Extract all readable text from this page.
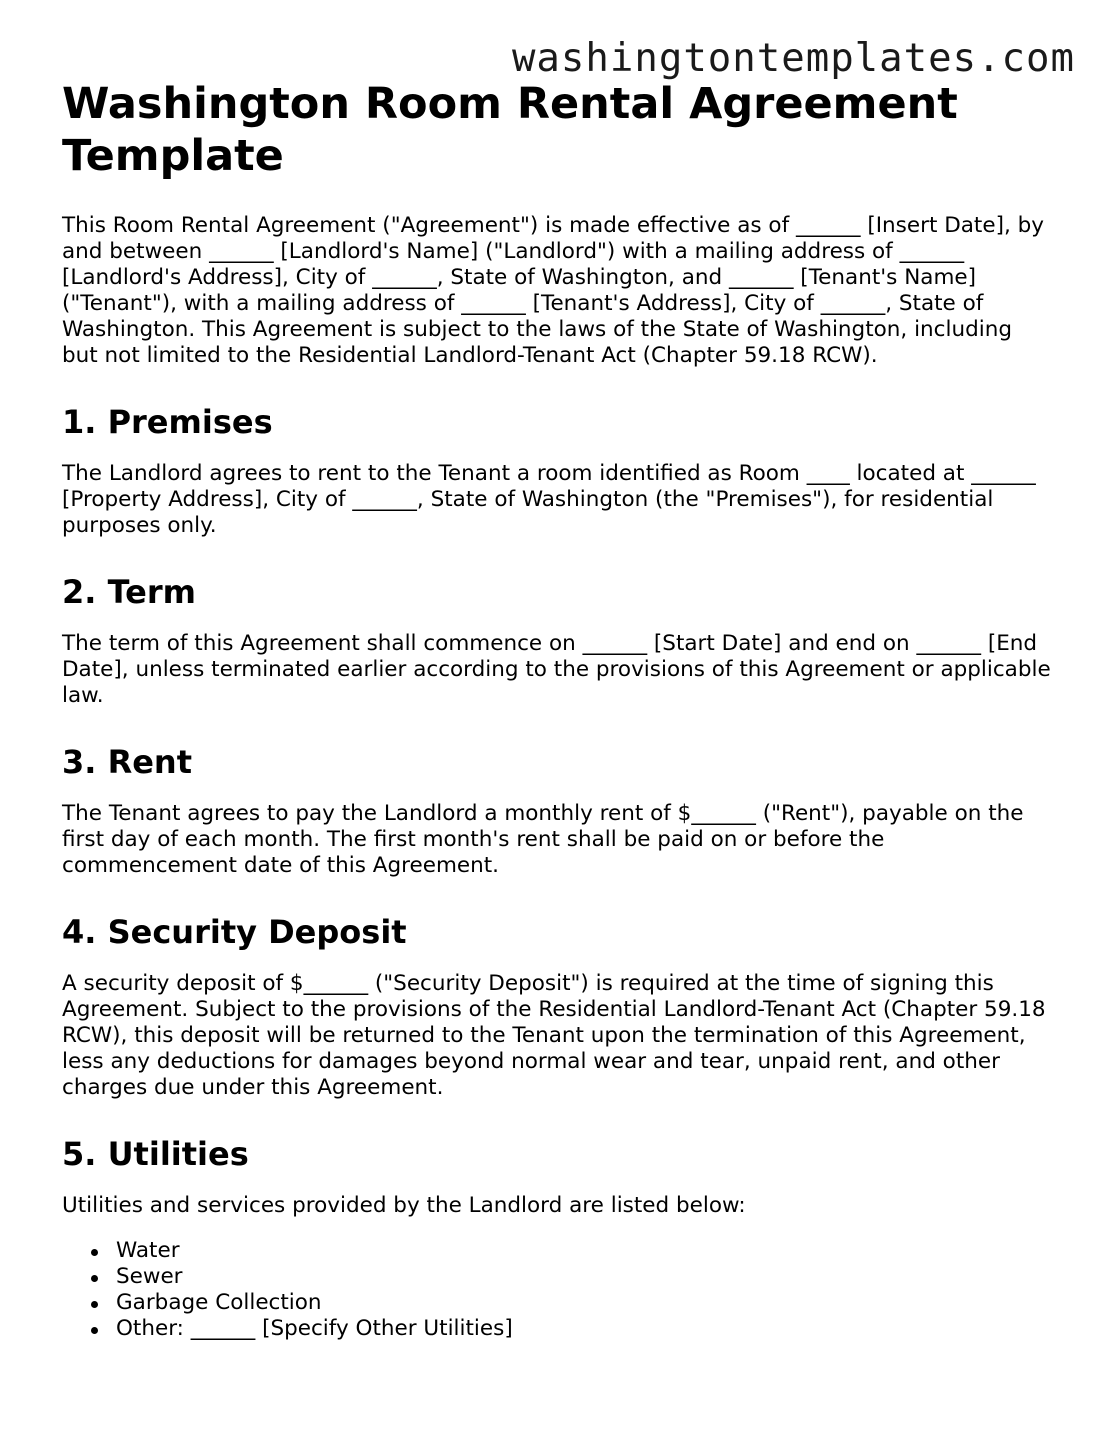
washingtontemplates.com
Washington Room Rental Agreement Template

This Room Rental Agreement ("Agreement") is made effective as of ______ [Insert Date], by and between ______ [Landlord's Name] ("Landlord") with a mailing address of ______ [Landlord's Address], City of ______, State of Washington, and ______ [Tenant's Name] ("Tenant"), with a mailing address of ______ [Tenant's Address], City of ______, State of Washington. This Agreement is subject to the laws of the State of Washington, including but not limited to the Residential Landlord-Tenant Act (Chapter 59.18 RCW).

1. Premises

The Landlord agrees to rent to the Tenant a room identified as Room ____ located at ______ [Property Address], City of ______, State of Washington (the "Premises"), for residential purposes only.

2. Term

The term of this Agreement shall commence on ______ [Start Date] and end on ______ [End Date], unless terminated earlier according to the provisions of this Agreement or applicable law.

3. Rent

The Tenant agrees to pay the Landlord a monthly rent of $______ ("Rent"), payable on the first day of each month. The first month's rent shall be paid on or before the commencement date of this Agreement.

4. Security Deposit

A security deposit of $______ ("Security Deposit") is required at the time of signing this Agreement. Subject to the provisions of the Residential Landlord-Tenant Act (Chapter 59.18 RCW), this deposit will be returned to the Tenant upon the termination of this Agreement, less any deductions for damages beyond normal wear and tear, unpaid rent, and other charges due under this Agreement.

5. Utilities

Utilities and services provided by the Landlord are listed below:

Water
Sewer
Garbage Collection
Other: ______ [Specify Other Utilities]
